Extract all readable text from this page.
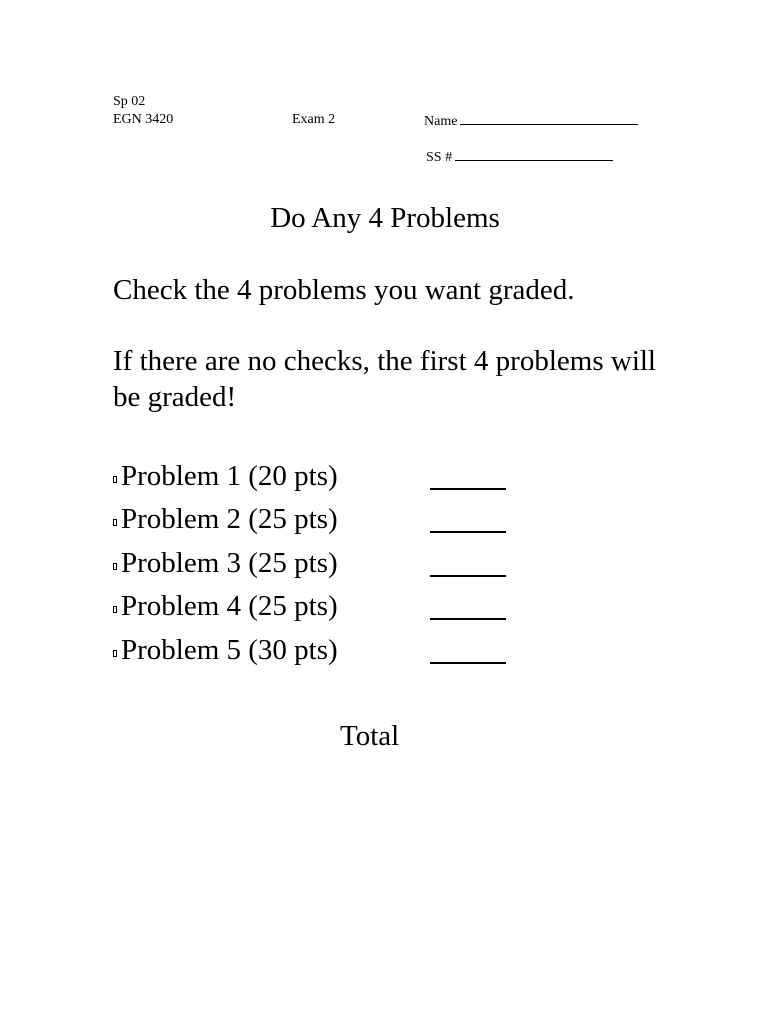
Sp 02
EGN 3420	Exam 2	Name
SS #
Do Any 4 Problems
Check the 4 problems you want graded.
If there are no checks, the first 4 problems will be graded!
Problem 1 (20 pts)
Problem 2 (25 pts)
Problem 3 (25 pts)
Problem 4 (25 pts)
Problem 5 (30 pts)
Total
